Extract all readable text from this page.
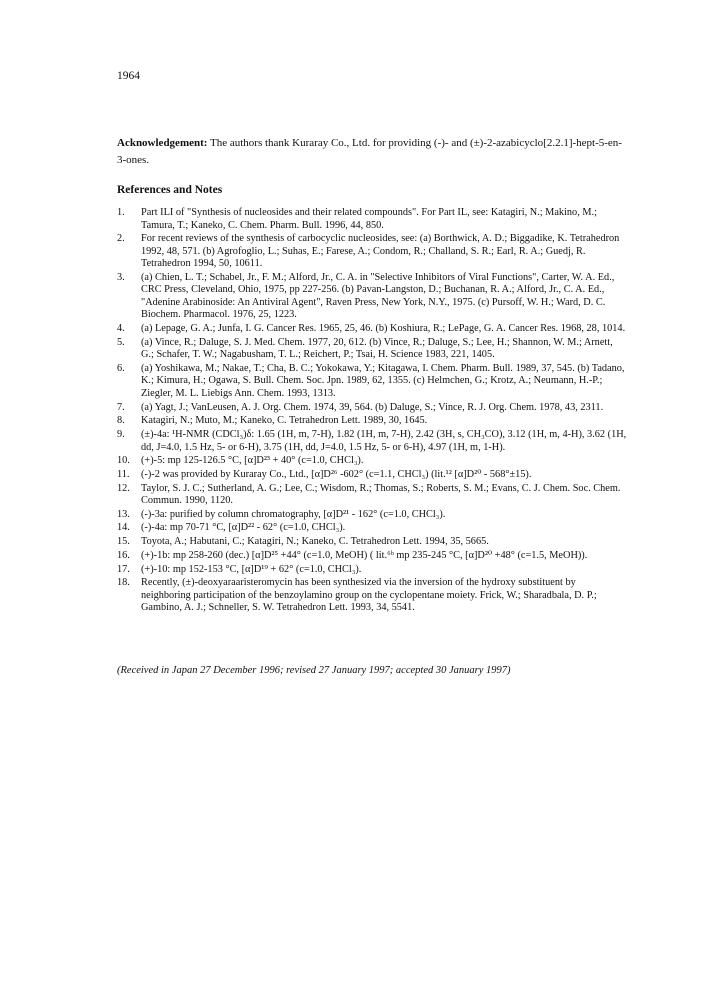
1964
Acknowledgement: The authors thank Kuraray Co., Ltd. for providing (-)- and (±)-2-azabicyclo[2.2.1]-hept-5-en-3-ones.
References and Notes
1.	Part ILI of "Synthesis of nucleosides and their related compounds". For Part IL, see: Katagiri, N.; Makino, M.; Tamura, T.; Kaneko, C. Chem. Pharm. Bull. 1996, 44, 850.
2.	For recent reviews of the synthesis of carbocyclic nucleosides, see: (a) Borthwick, A. D.; Biggadike, K. Tetrahedron 1992, 48, 571. (b) Agrofoglio, L.; Suhas, E.; Farese, A.; Condom, R.; Challand, S. R.; Earl, R. A.; Guedj, R. Tetrahedron 1994, 50, 10611.
3.	(a) Chien, L. T.; Schabel, Jr., F. M.; Alford, Jr., C. A. in "Selective Inhibitors of Viral Functions", Carter, W. A. Ed., CRC Press, Cleveland, Ohio, 1975, pp 227-256. (b) Pavan-Langston, D.; Buchanan, R. A.; Alford, Jr., C. A. Ed., "Adenine Arabinoside: An Antiviral Agent", Raven Press, New York, N.Y., 1975. (c) Pursoff, W. H.; Ward, D. C. Biochem. Pharmacol. 1976, 25, 1223.
4.	(a) Lepage, G. A.; Junfa, I. G. Cancer Res. 1965, 25, 46. (b) Koshiura, R.; LePage, G. A. Cancer Res. 1968, 28, 1014.
5.	(a) Vince, R.; Daluge, S. J. Med. Chem. 1977, 20, 612. (b) Vince, R.; Daluge, S.; Lee, H.; Shannon, W. M.; Arnett, G.; Schafer, T. W.; Nagabusham, T. L.; Reichert, P.; Tsai, H. Science 1983, 221, 1405.
6.	(a) Yoshikawa, M.; Nakae, T.; Cha, B. C.; Yokokawa, Y.; Kitagawa, I. Chem. Pharm. Bull. 1989, 37, 545. (b) Tadano, K.; Kimura, H.; Ogawa, S. Bull. Chem. Soc. Jpn. 1989, 62, 1355. (c) Helmchen, G.; Krotz, A.; Neumann, H.-P.; Ziegler, M. L. Liebigs Ann. Chem. 1993, 1313.
7.	(a) Yagt, J.; VanLeusen, A. J. Org. Chem. 1974, 39, 564. (b) Daluge, S.; Vince, R. J. Org. Chem. 1978, 43, 2311.
8.	Katagiri, N.; Muto, M.; Kaneko, C. Tetrahedron Lett. 1989, 30, 1645.
9.	(±)-4a: ¹H-NMR (CDCl₃)δ: 1.65 (1H, m, 7-H), 1.82 (1H, m, 7-H), 2.42 (3H, s, CH₃CO), 3.12 (1H, m, 4-H), 3.62 (1H, dd, J=4.0, 1.5 Hz, 5- or 6-H), 3.75 (1H, dd, J=4.0, 1.5 Hz, 5- or 6-H), 4.97 (1H, m, 1-H).
10.	(+)-5: mp 125-126.5 °C, [α]D²³ + 40° (c=1.0, CHCl₃).
11.	(-)-2 was provided by Kuraray Co., Ltd., [α]D²⁶ -602° (c=1.1, CHCl₃) (lit.¹² [α]D²⁰ - 568°±15).
12.	Taylor, S. J. C.; Sutherland, A. G.; Lee, C.; Wisdom, R.; Thomas, S.; Roberts, S. M.; Evans, C. J. Chem. Soc. Chem. Commun. 1990, 1120.
13.	(-)-3a: purified by column chromatography, [α]D²¹ - 162° (c=1.0, CHCl₃).
14.	(-)-4a: mp 70-71 °C, [α]D²² - 62° (c=1.0, CHCl₃).
15.	Toyota, A.; Habutani, C.; Katagiri, N.; Kaneko, C. Tetrahedron Lett. 1994, 35, 5665.
16.	(+)-1b: mp 258-260 (dec.) [α]D²⁵ +44° (c=1.0, MeOH) ( lit.⁶ᵇ mp 235-245 °C, [α]D²⁰ +48° (c=1.5, MeOH)).
17.	(+)-10: mp 152-153 °C, [α]D¹⁹ + 62° (c=1.0, CHCl₃).
18.	Recently, (±)-deoxyaraaristeromycin has been synthesized via the inversion of the hydroxy substituent by neighboring participation of the benzoylamino group on the cyclopentane moiety. Frick, W.; Sharadbala, D. P.; Gambino, A. J.; Schneller, S. W. Tetrahedron Lett. 1993, 34, 5541.
(Received in Japan 27 December 1996; revised 27 January 1997; accepted 30 January 1997)
